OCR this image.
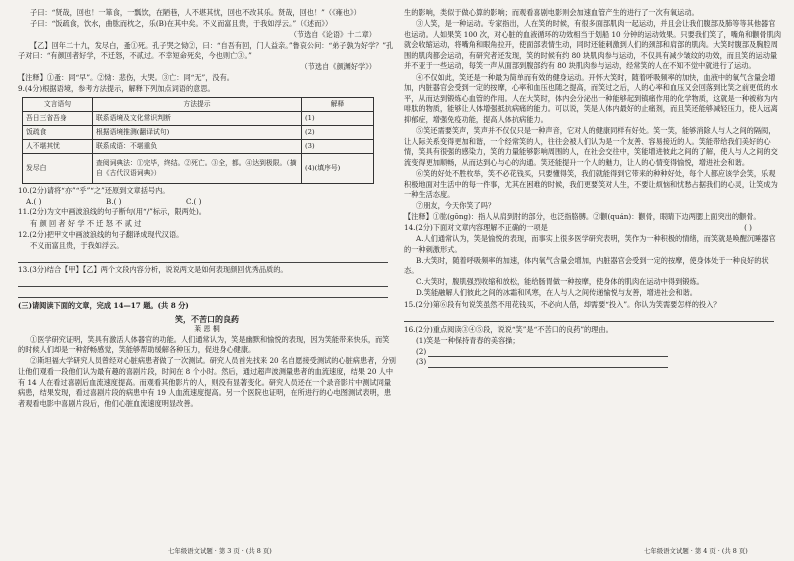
子曰：“贤哉，回也！一箪食，一瓢饮，在陋巷，人不堪其忧，回也不改其乐。贤哉，回也！”（《雍也》）
子曰：“饭疏食，饮水，曲肱而枕之，乐(B)在其中矣。不义而富且贵，于我如浮云。”（《述而》）
（节选自《论语》十二章）
【乙】回年二十九，发尽白，蚤①死。孔子哭之恸②，曰：“自吾有回，门人益亲。”鲁哀公问：“弟子孰为好学？”孔子对曰：“有颜回者好学，不迁怒，不贰过。不幸短命死矣，今也则亡③。”
（节选自《颜渊好学》）
【注释】①蚤：同“早”。②恸：悲伤，大哭。③亡：同“无”，没有。
9.(4分)根据语境，参考方法提示，解释下列加点词语的意思。
文言语句	方法提示	解释
吾日三省吾身	联系语境及文化常识判断	(1)
饭疏食	根据语境推测(翻译试句)	(2)
人不堪其忧	联系成语：不堪重负	(3)
发尽白	查阅词典法：①完毕，终结。②死亡。③全，都。④达到极限。（摘自《古代汉语词典》）	(4)(填序号)
10.(2分)请将“亦”“乎”“之”还原到文章括号内。
A.( )	B.( )	C.( )
11.(2分)为文中画波浪线的句子断句(用“/”标示，限两处)。
有 颜 回 者 好 学 不 迁 怒 不 贰 过
12.(2分)把甲文中画波浪线的句子翻译成现代汉语。
不义而富且贵，于我如浮云。
13.(3分)结合【甲】【乙】两个文段内容分析，说说两文是如何表现颜回优秀品质的。
(三)请阅读下面的文章，完成 14—17 题。(共 8 分)
笑，不苦口的良药
莱 恩 桐
①医学研究证明，笑具有激活人体器官的功能。人们通常认为，笑是幽默和愉悦的表现，因为笑能带来快乐，而笑的时候人们却是一种舒畅感觉，笑能够帮助缓解各种压力，促进身心健康。
②斯坦福大学研究人员曾经对心脏病患者做了一次测试。研究人员首先找来 20 名自愿接受测试的心脏病患者，分别让他们观看一段他们认为最有趣的喜剧片段，时间在 8 个小时。然后，通过超声波测量患者的血流速度，结果 20 人中有 14 人在看过喜剧后血流速度提高。而观看其他影片的人，则没有显著变化。研究人员还在一个录音影片中测试同量病患，结果发现，看过喜剧片段的病患中有 19 人血流速度提高。另一个医院也证明，在所进行的心电图测试表明，患者观看电影中喜剧片段后，他们心脏血流速度明显改善。
七年级语文试题 · 第 3 页 · (共 8 页)
生的影响，类似于做心算的影响；而观看喜剧电影则会加速血管产生的进行了一次有氧运动。
③人笑，是一种运动。专家指出，人在笑的时候，有很多面部肌肉一起运动，并且会让我们腹部及肺等等其他器官也运动。人如果笑 100 次，对心脏的血液循环的功效相当于划船 10 分钟的运动效果。只要我们笑了，嘴角和颧骨肌肉就会收缩运动，将嘴角和眼角拉开，使面部表情生动，同时还能刺激到人们的颈部和肩部的肌肉。大笑时腹部及胸腔周围的肌肉都会运动，有研究者还发现，笑的时候有约 80 块肌肉参与运动，不仅具有减少皱纹的功效，而且笑的运动量并不亚于一些运动，每笑一声从面部到腹部约有 80 块肌肉参与运动，经常笑的人在不知不觉中就进行了运动。
④不仅如此，笑还是一种最为简单而有效的健身运动。开怀大笑时，随着呼吸频率的加快，血液中的氧气含量会增加，内脏器官会受到一定的按摩，心率和血压也随之提高，而笑过之后，人的心率和血压又会回落到比笑之前更低的水平，从而达到锻炼心血管的作用。人在大笑时，体内会分泌出一种能够起到镇痛作用的化学物质，这就是一种被称为内啡肽的物质，能够让人体增强抵抗病痛的能力。可以说，笑是人体内最好的止痛剂，而且笑还能够减轻压力，使人远离抑郁症，增强免疫功能，提高人体抗病能力。
⑤笑还需要笑声，笑声并不仅仅只是一种声音，它对人的健康同样有好处。笑一笑，能够消除人与人之间的隔阂，让人际关系变得更加和谐，一个经常笑的人，往往会被人们认为是一个友善、容易接近的人。笑能带给我们美好的心情，笑具有很强的感染力，笑的力量能够影响周围的人，在社会交往中，笑能增进彼此之间的了解，使人与人之间的交流变得更加顺畅，从而达到心与心的沟通。笑还能提升一个人的魅力，让人的心情变得愉悦，增进社会和谐。
⑥笑的好处不胜枚举，笑不必花钱买，只要懂得笑，我们就能得到它带来的种种好处，每个人都应该学会笑，乐观积极地面对生活中的每一件事，尤其在困难的时候，我们更要笑对人生，不要让烦恼和忧愁占据我们的心灵，让笑成为一种生活态度。
⑦朋友，今天你笑了吗？
【注释】①肱(gōng)：指人从肩到肘的部分，也泛指胳膊。②颧(quán)：颧骨，眼睛下边两腮上面突出的颧骨。
14.(2分)下面对文章内容理解不正确的一项是	( )
A.人们通常认为，笑是愉悦的表现，而事实上很多医学研究表明，笑作为一种积极的情绪，而笑就是唤醒沉睡器官的一种刺激形式。
B.大笑时，随着呼吸频率的加速，体内氧气含量会增加，内脏器官会受到一定的按摩，使身体处于一种良好的状态。
C.大笑时，腹肌强烈收缩和放松，能给肠胃做一种按摩，使身体的肌肉在运动中得到锻炼。
D.笑能融解人们彼此之间的冰霜和风寒，在人与人之间传递愉悦与友善，增进社会和谐。
15.(2分)第⑥段有句说笑虽然不用花钱买，不必向人借，却需要“投入”。你认为笑需要怎样的投入？
16.(2分)重点阅读③④⑤段，说说“笑”是“不苦口的良药”的理由。
(1)笑是一种保持青春的美容操；
(2)
(3)
七年级语文试题 · 第 4 页 · (共 8 页)
